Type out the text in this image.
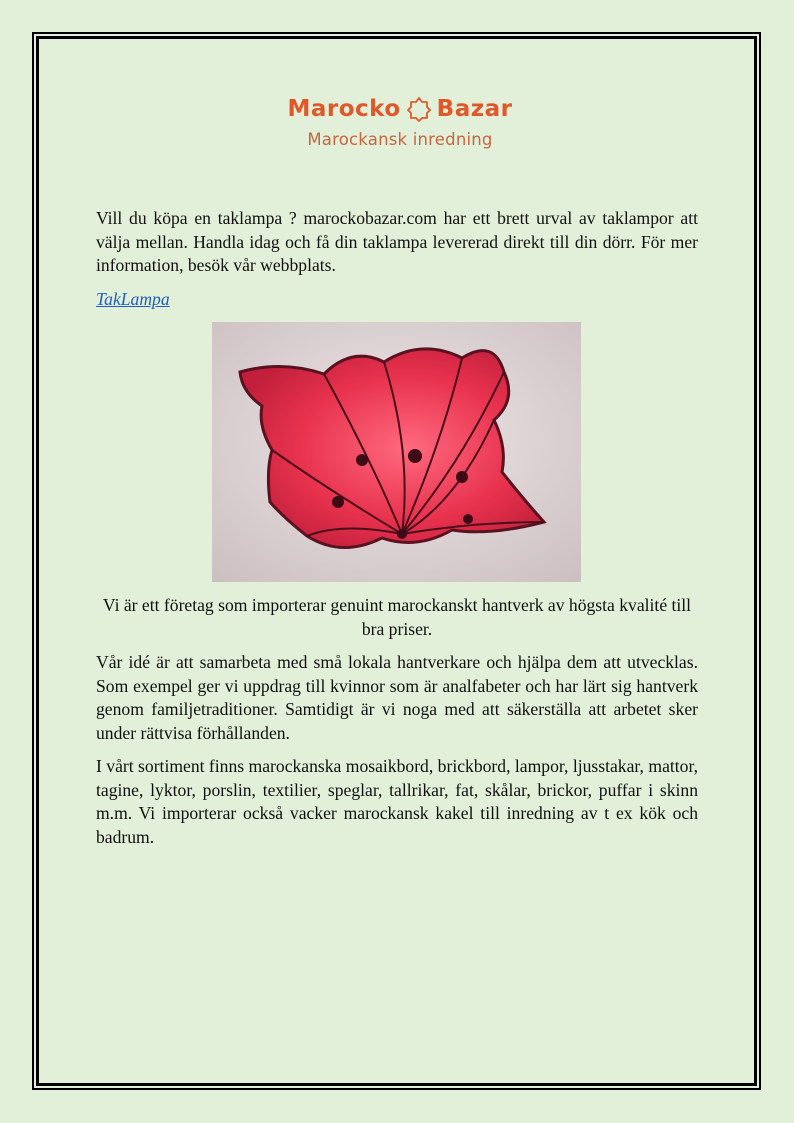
Marocko Bazar
Marockansk inredning

Vill du köpa en taklampa ? marockobazar.com har ett brett urval av taklampor att välja mellan. Handla idag och få din taklampa levererad direkt till din dörr. För mer information, besök vår webbplats.

TakLampa

Vi är ett företag som importerar genuint marockanskt hantverk av högsta kvalité till bra priser.

Vår idé är att samarbeta med små lokala hantverkare och hjälpa dem att utvecklas. Som exempel ger vi uppdrag till kvinnor som är analfabeter och har lärt sig hantverk genom familjetraditioner. Samtidigt är vi noga med att säkerställa att arbetet sker under rättvisa förhållanden.

I vårt sortiment finns marockanska mosaikbord, brickbord, lampor, ljusstakar, mattor, tagine, lyktor, porslin, textilier, speglar, tallrikar, fat, skålar, brickor, puffar i skinn m.m. Vi importerar också vacker marockansk kakel till inredning av t ex kök och badrum.
